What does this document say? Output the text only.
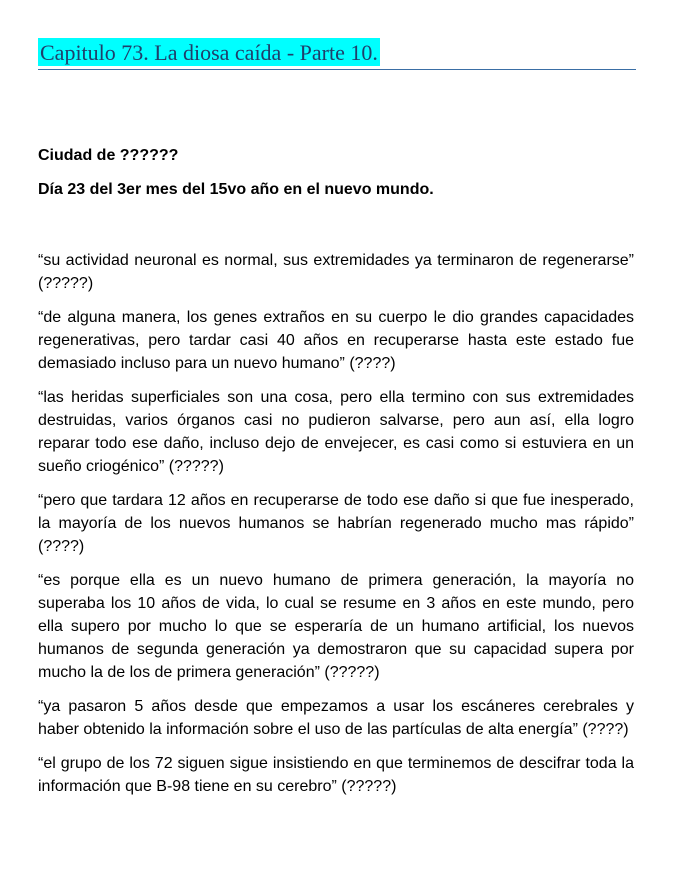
Capitulo 73. La diosa caída - Parte 10.
Ciudad de ??????
Día 23 del 3er mes del 15vo año en el nuevo mundo.

“su actividad neuronal es normal, sus extremidades ya terminaron de regenerarse” (?????)

“de alguna manera, los genes extraños en su cuerpo le dio grandes capacidades regenerativas, pero tardar casi 40 años en recuperarse hasta este estado fue demasiado incluso para un nuevo humano” (????)

“las heridas superficiales son una cosa, pero ella termino con sus extremidades destruidas, varios órganos casi no pudieron salvarse, pero aun así, ella logro reparar todo ese daño, incluso dejo de envejecer, es casi como si estuviera en un sueño criogénico” (?????)

“pero que tardara 12 años en recuperarse de todo ese daño si que fue inesperado, la mayoría de los nuevos humanos se habrían regenerado mucho mas rápido” (????)

“es porque ella es un nuevo humano de primera generación, la mayoría no superaba los 10 años de vida, lo cual se resume en 3 años en este mundo, pero ella supero por mucho lo que se esperaría de un humano artificial, los nuevos humanos de segunda generación ya demostraron que su capacidad supera por mucho la de los de primera generación” (?????)

“ya pasaron 5 años desde que empezamos a usar los escáneres cerebrales y haber obtenido la información sobre el uso de las partículas de alta energía” (????)

“el grupo de los 72 siguen sigue insistiendo en que terminemos de descifrar toda la información que B-98 tiene en su cerebro” (?????)
